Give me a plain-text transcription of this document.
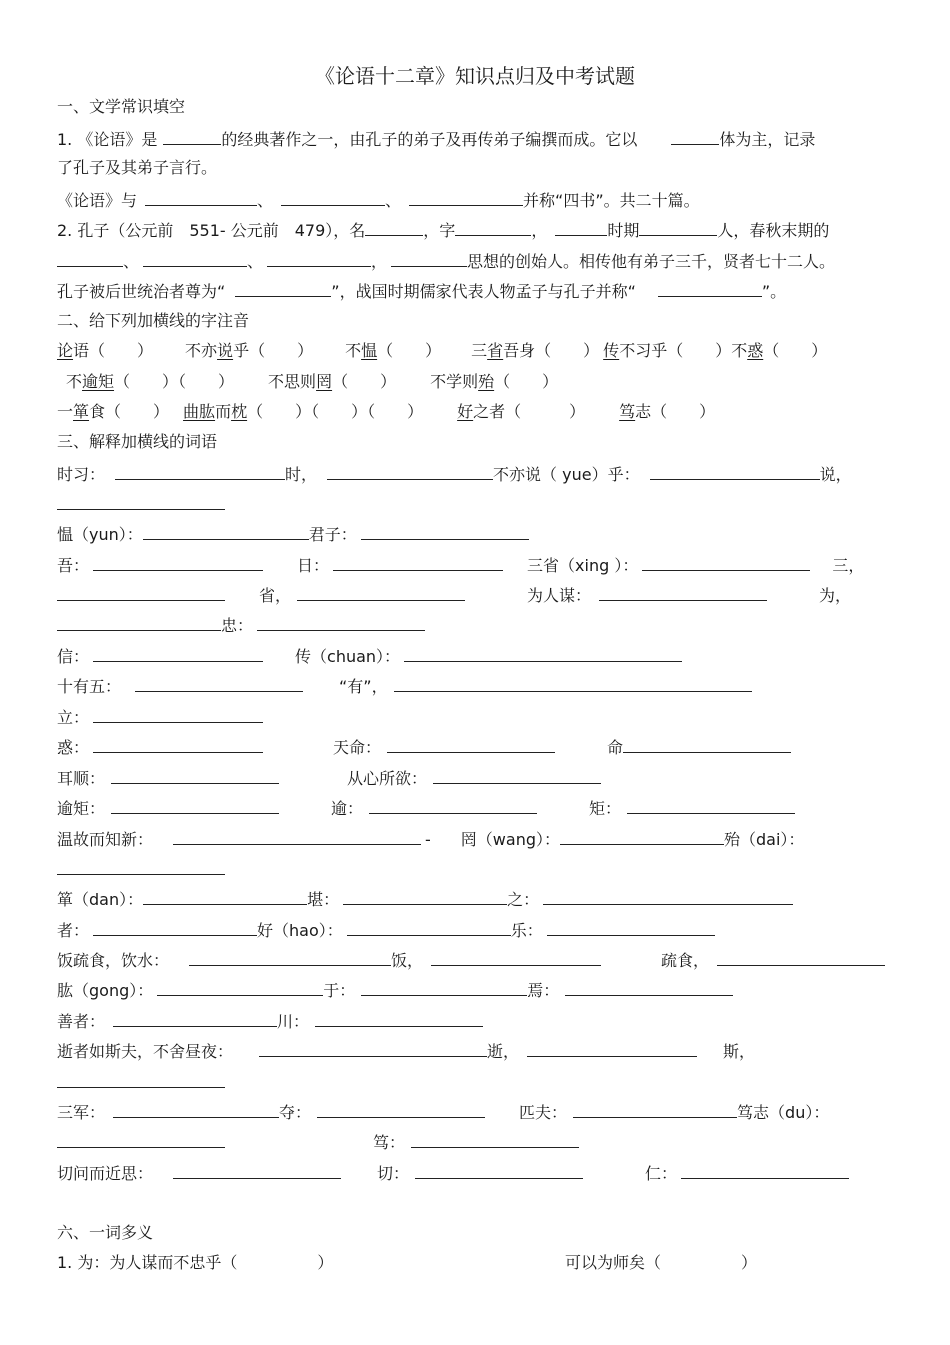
《论语十二章》知识点归及中考试题
一、文学常识填空
1. 《论语》是	的经典著作之一，由孔子的弟子及再传弟子编撰而成。它以	体为主，记录
了孔子及其弟子言行。
《论语》与	、	、	并称“四书”。共二十篇。
2. 孔子（公元前　551- 公元前　479），名	，字	，	时期	人，春秋末期的
、	、	，	思想的创始人。相传他有弟子三千，贤者七十二人。
孔子被后世统治者尊为“	”，战国时期儒家代表人物孟子与孔子并称“	”。
二、给下列加横线的字注音
论语（　　） 不亦说乎（　　） 不愠（　　） 三省吾身（　　） 传不习乎（　　）不惑（　　）
不逾矩（　　）（　　） 不思则罔（　　） 不学则殆（　　）
一箪食（　　） 曲肱而枕（　　）（　　）（　　） 好之者（　　　） 笃志（　　）
三、解释加横线的词语
时习：	时，	不亦说（ yue）乎：	说，
愠（yun）：	君子：
吾：	日：	三省（xing ）：	三，
省，	为人谋：	为，
忠：
信：	传（chuan）：
十有五：	“有”，
立：
惑：	天命：	命
耳顺：	从心所欲：
逾矩：	逾：	矩：
温故而知新：	- 罔（wang）：	殆（dai）：
箪（dan）：	堪：	之：
者：	好（hao）：	乐：
饭疏食，饮水：	饭，	疏食，
肱（gong）：	于：	焉：
善者：	川：
逝者如斯夫，不舍昼夜：	逝，	斯，
三军：	夺：	匹夫：	笃志（du）：
笃：
切问而近思：	切：	仁：
六、一词多义
1. 为：为人谋而不忠乎（　　　　　）	可以为师矣（　　　　　）
